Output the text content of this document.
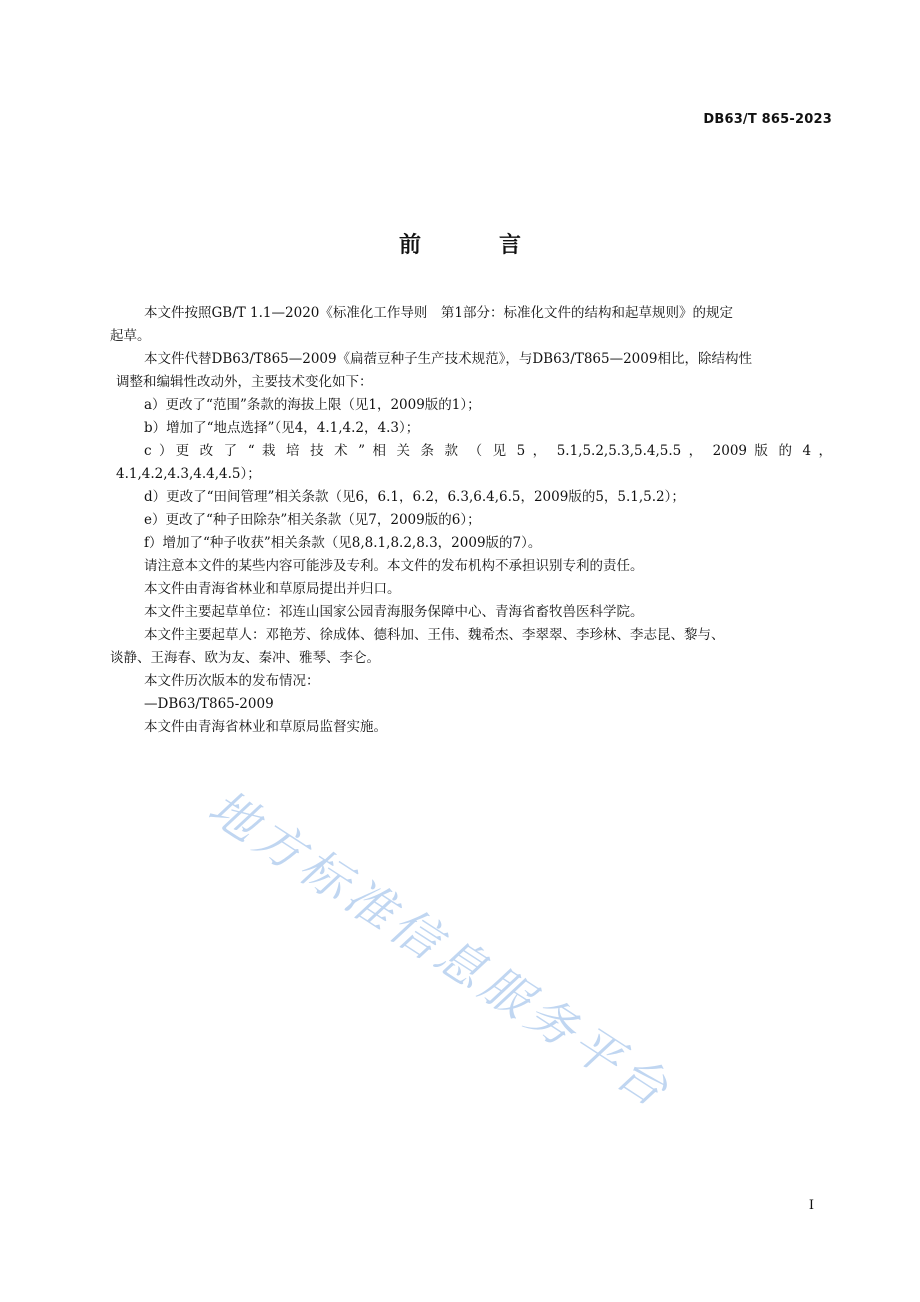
DB63/T 865-2023
前　言

本文件按照GB/T 1.1—2020《标准化工作导则　第1部分：标准化文件的结构和起草规则》的规定

起草。

本文件代替DB63/T865—2009《扁蓿豆种子生产技术规范》，与DB63/T865—2009相比，除结构性

调整和编辑性改动外，主要技术变化如下：

a）更改了“范围”条款的海拔上限（见1，2009版的1）；

b）增加了“地点选择”（见4，4.1,4.2，4.3）；

c ）更 改 了 “ 栽 培 技 术 ” 相 关 条 款 （ 见 5 ， 5.1,5.2,5.3,5.4,5.5 ， 2009 版 的 4 ，

4.1,4.2,4.3,4.4,4.5）；

d）更改了“田间管理”相关条款（见6，6.1，6.2，6.3,6.4,6.5，2009版的5，5.1,5.2）；

e）更改了“种子田除杂”相关条款（见7，2009版的6）；

f）增加了“种子收获”相关条款（见8,8.1,8.2,8.3，2009版的7）。

请注意本文件的某些内容可能涉及专利。本文件的发布机构不承担识别专利的责任。

本文件由青海省林业和草原局提出并归口。

本文件主要起草单位：祁连山国家公园青海服务保障中心、青海省畜牧兽医科学院。

本文件主要起草人：邓艳芳、徐成体、德科加、王伟、魏希杰、李翠翠、李珍林、李志昆、黎与、

谈静、王海春、欧为友、秦冲、雅琴、李仑。

本文件历次版本的发布情况：

—DB63/T865-2009

本文件由青海省林业和草原局监督实施。

地方标准信息服务平台
I
